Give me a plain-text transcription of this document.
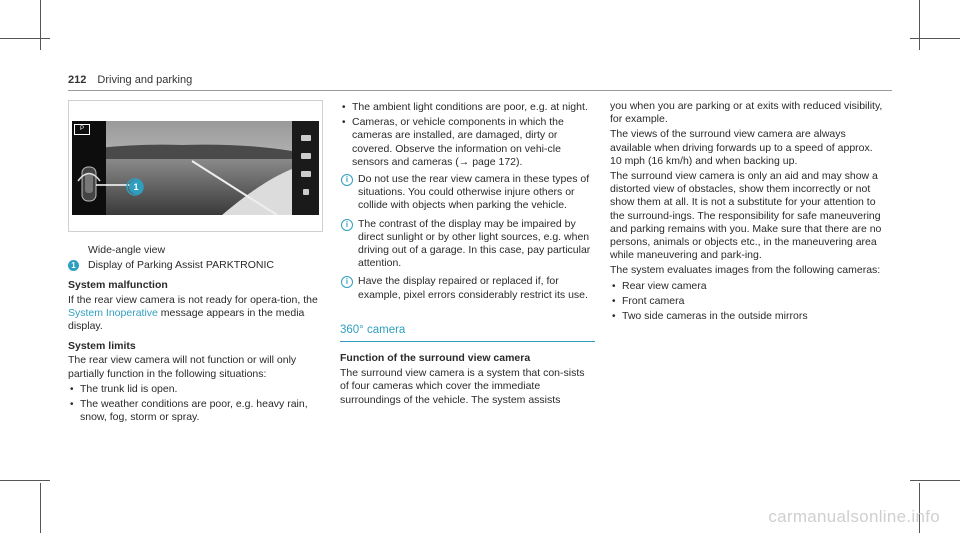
212 Driving and parking
P
1

Wide-angle view

1	Display of Parking Assist PARKTRONIC

System malfunction

If the rear view camera is not ready for opera-tion, the System Inoperative message appears in the media display.

System limits

The rear view camera will not function or will only partially function in the following situations:

• The trunk lid is open.
• The weather conditions are poor, e.g. heavy rain, snow, fog, storm or spray.
• The ambient light conditions are poor, e.g. at night.
• Cameras, or vehicle components in which the cameras are installed, are damaged, dirty or covered. Observe the information on vehi-cle sensors and cameras (→ page 172).
i Do not use the rear view camera in these types of situations. You could otherwise injure others or collide with objects when parking the vehicle.
i The contrast of the display may be impaired by direct sunlight or by other light sources, e.g. when driving out of a garage. In this case, pay particular attention.
i Have the display repaired or replaced if, for example, pixel errors considerably restrict its use.
360° camera

Function of the surround view camera

The surround view camera is a system that con-sists of four cameras which cover the immediate surroundings of the vehicle. The system assists

you when you are parking or at exits with reduced visibility, for example.

The views of the surround view camera are always available when driving forwards up to a speed of approx. 10 mph (16 km/h) and when backing up.

The surround view camera is only an aid and may show a distorted view of obstacles, show them incorrectly or not show them at all. It is not a substitute for your attention to the surround-ings. The responsibility for safe maneuvering and parking remains with you. Make sure that there are no persons, animals or objects etc., in the maneuvering area while maneuvering and park-ing.

The system evaluates images from the following cameras:

• Rear view camera
• Front camera
• Two side cameras in the outside mirrors
carmanualsonline.info
